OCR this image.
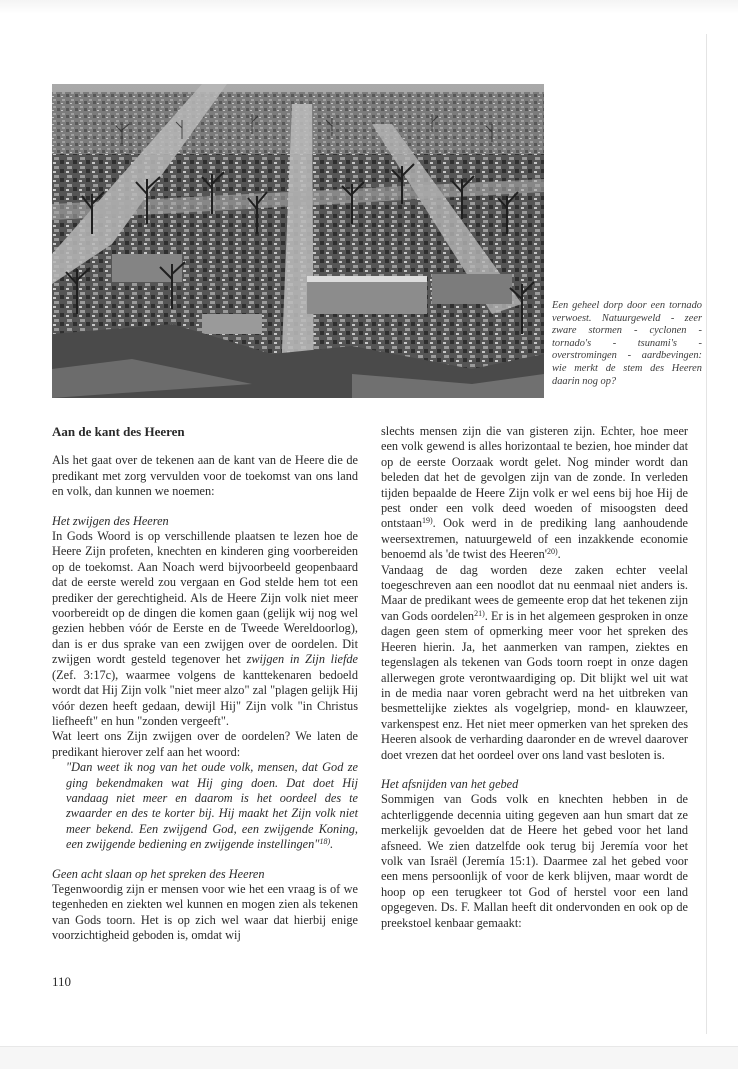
Een geheel dorp door een tornado verwoest. Natuurgeweld - zeer zware stormen - cyclonen - tornado's - tsunami's - overstromingen - aardbevingen: wie merkt de stem des Heeren daarin nog op?
Aan de kant des Heeren

Als het gaat over de tekenen aan de kant van de Heere die de predikant met zorg vervulden voor de toekomst van ons land en volk, dan kunnen we noemen:

Het zwijgen des Heeren

In Gods Woord is op verschillende plaatsen te lezen hoe de Heere Zijn profeten, knechten en kinderen ging voorbereiden op de toekomst. Aan Noach werd bijvoorbeeld geopenbaard dat de eerste wereld zou vergaan en God stelde hem tot een prediker der gerechtigheid. Als de Heere Zijn volk niet meer voorbereidt op de dingen die komen gaan (gelijk wij nog wel gezien hebben vóór de Eerste en de Tweede Wereldoorlog), dan is er dus sprake van een zwijgen over de oordelen. Dit zwijgen wordt gesteld tegenover het zwijgen in Zijn liefde (Zef. 3:17c), waarmee volgens de kanttekenaren bedoeld wordt dat Hij Zijn volk "niet meer alzo" zal "plagen gelijk Hij vóór dezen heeft gedaan, dewijl Hij" Zijn volk "in Christus liefheeft" en hun "zonden vergeeft".

Wat leert ons Zijn zwijgen over de oordelen? We laten de predikant hierover zelf aan het woord:

"Dan weet ik nog van het oude volk, mensen, dat God ze ging bekendmaken wat Hij ging doen. Dat doet Hij vandaag niet meer en daarom is het oordeel des te zwaarder en des te korter bij. Hij maakt het Zijn volk niet meer bekend. Een zwijgend God, een zwijgende Koning, een zwijgende bediening en zwijgende instellingen"$^{18)}$.

Geen acht slaan op het spreken des Heeren

Tegenwoordig zijn er mensen voor wie het een vraag is of we tegenheden en ziekten wel kunnen en mogen zien als tekenen van Gods toorn. Het is op zich wel waar dat hierbij enige voorzichtigheid geboden is, omdat wij

slechts mensen zijn die van gisteren zijn. Echter, hoe meer een volk gewend is alles horizontaal te bezien, hoe minder dat op de eerste Oorzaak wordt gelet. Nog minder wordt dan beleden dat het de gevolgen zijn van de zonde. In verleden tijden bepaalde de Heere Zijn volk er wel eens bij hoe Hij de pest onder een volk deed woeden of misoogsten deed ontstaan$^{19)}$. Ook werd in de prediking lang aanhoudende weersextremen, natuurgeweld of een inzakkende economie benoemd als 'de twist des $Heeren'^{20)}$.

Vandaag de dag worden deze zaken echter veelal toegeschreven aan een noodlot dat nu eenmaal niet anders is. Maar de predikant wees de gemeente erop dat het tekenen zijn van Gods oordelen$^{21)}$. Er is in het algemeen gesproken in onze dagen geen stem of opmerking meer voor het spreken des Heeren hierin. Ja, het aanmerken van rampen, ziektes en tegenslagen als tekenen van Gods toorn roept in onze dagen allerwegen grote verontwaardiging op. Dit blijkt wel uit wat in de media naar voren gebracht werd na het uitbreken van besmettelijke ziektes als vogelgriep, mond- en klauwzeer, varkenspest enz. Het niet meer opmerken van het spreken des Heeren alsook de verharding daaronder en de wrevel daarover doet vrezen dat het oordeel over ons land vast besloten is.

Het afsnijden van het gebed

Sommigen van Gods volk en knechten hebben in de achterliggende decennia uiting gegeven aan hun smart dat ze merkelijk gevoelden dat de Heere het gebed voor het land afsneed. We zien datzelfde ook terug bij Jeremía voor het volk van Israël (Jeremía 15:1). Daarmee zal het gebed voor een mens persoonlijk of voor de kerk blijven, maar wordt de hoop op een terugkeer tot God of herstel voor een land opgegeven. Ds. F. Mallan heeft dit ondervonden en ook op de preekstoel kenbaar gemaakt:

110
